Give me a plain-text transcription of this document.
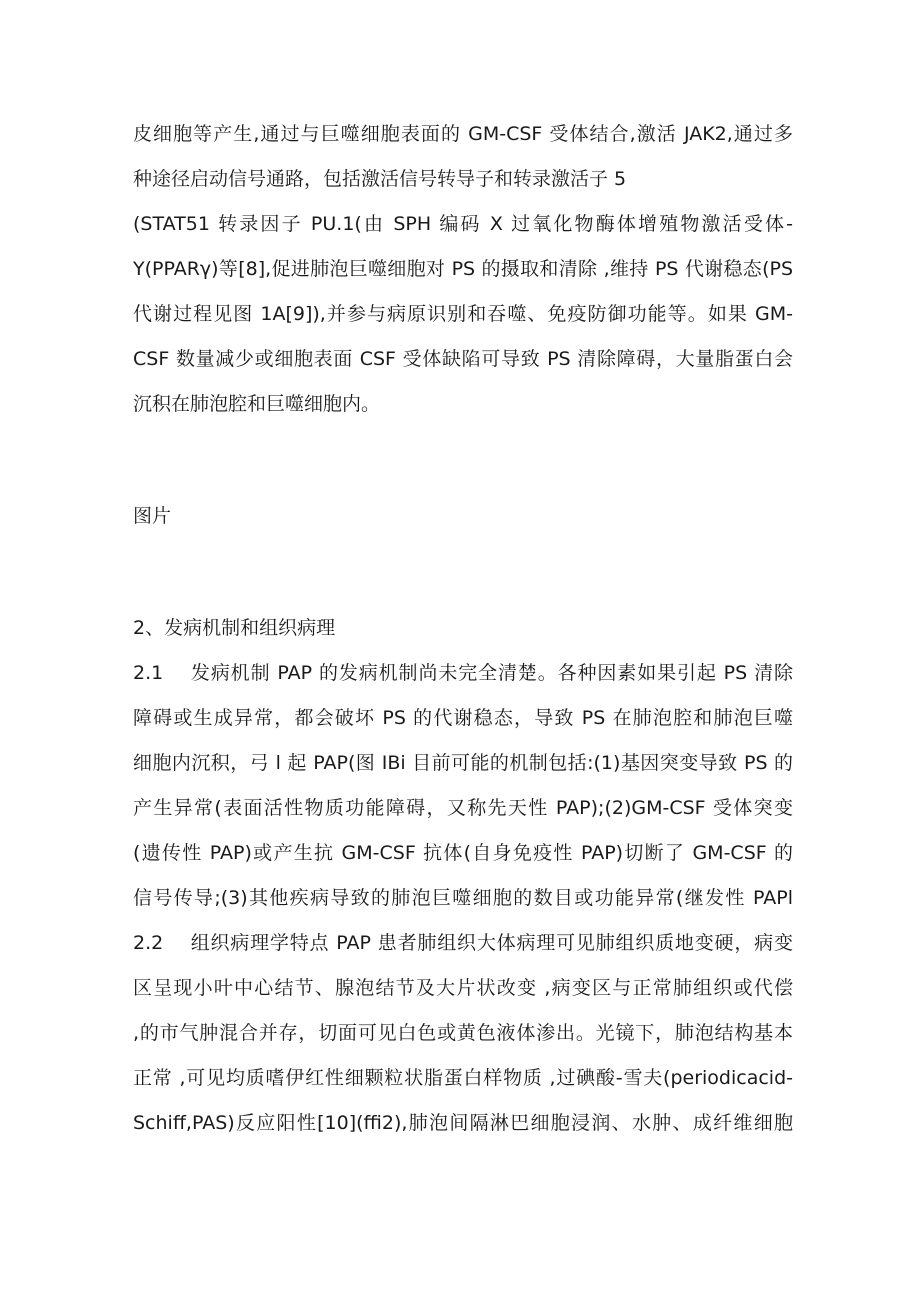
皮细胞等产生,通过与巨噬细胞表面的 GM-CSF 受体结合,激活 JAK2,通过多
种途径启动信号通路，包括激活信号转导子和转录激活子 5
(STAT51 转录因子 PU.1(由 SPH 编码 X 过氧化物酶体增殖物激活受体-
Y(PPARγ)等[8],促进肺泡巨噬细胞对 PS 的摄取和清除 ,维持 PS 代谢稳态(PS
代谢过程见图 1A[9]),并参与病原识别和吞噬、免疫防御功能等。如果 GM-
CSF 数量减少或细胞表面 CSF 受体缺陷可导致 PS 清除障碍，大量脂蛋白会
沉积在肺泡腔和巨噬细胞内。
图片
2、发病机制和组织病理
2.1　 发病机制 PAP 的发病机制尚未完全清楚。各种因素如果引起 PS 清除
障碍或生成异常，都会破坏 PS 的代谢稳态，导致 PS 在肺泡腔和肺泡巨噬
细胞内沉积，弓 l 起 PAP(图 IBi 目前可能的机制包括:(1)基因突变导致 PS 的
产生异常(表面活性物质功能障碍，又称先天性 PAP);(2)GM-CSF 受体突变
(遗传性 PAP)或产生抗 GM-CSF 抗体(自身免疫性 PAP)切断了 GM-CSF 的
信号传导;(3)其他疾病导致的肺泡巨噬细胞的数目或功能异常(继发性 PAPl
2.2　 组织病理学特点 PAP 患者肺组织大体病理可见肺组织质地变硬，病变
区呈现小叶中心结节、腺泡结节及大片状改变 ,病变区与正常肺组织或代偿
,的市气肿混合并存，切面可见白色或黄色液体渗出。光镜下，肺泡结构基本
正常 ,可见均质嗜伊红性细颗粒状脂蛋白样物质 ,过碘酸-雪夫(periodicacid-
Schiff,PAS)反应阳性[10](ffi2),肺泡间隔淋巴细胞浸润、水肿、成纤维细胞
